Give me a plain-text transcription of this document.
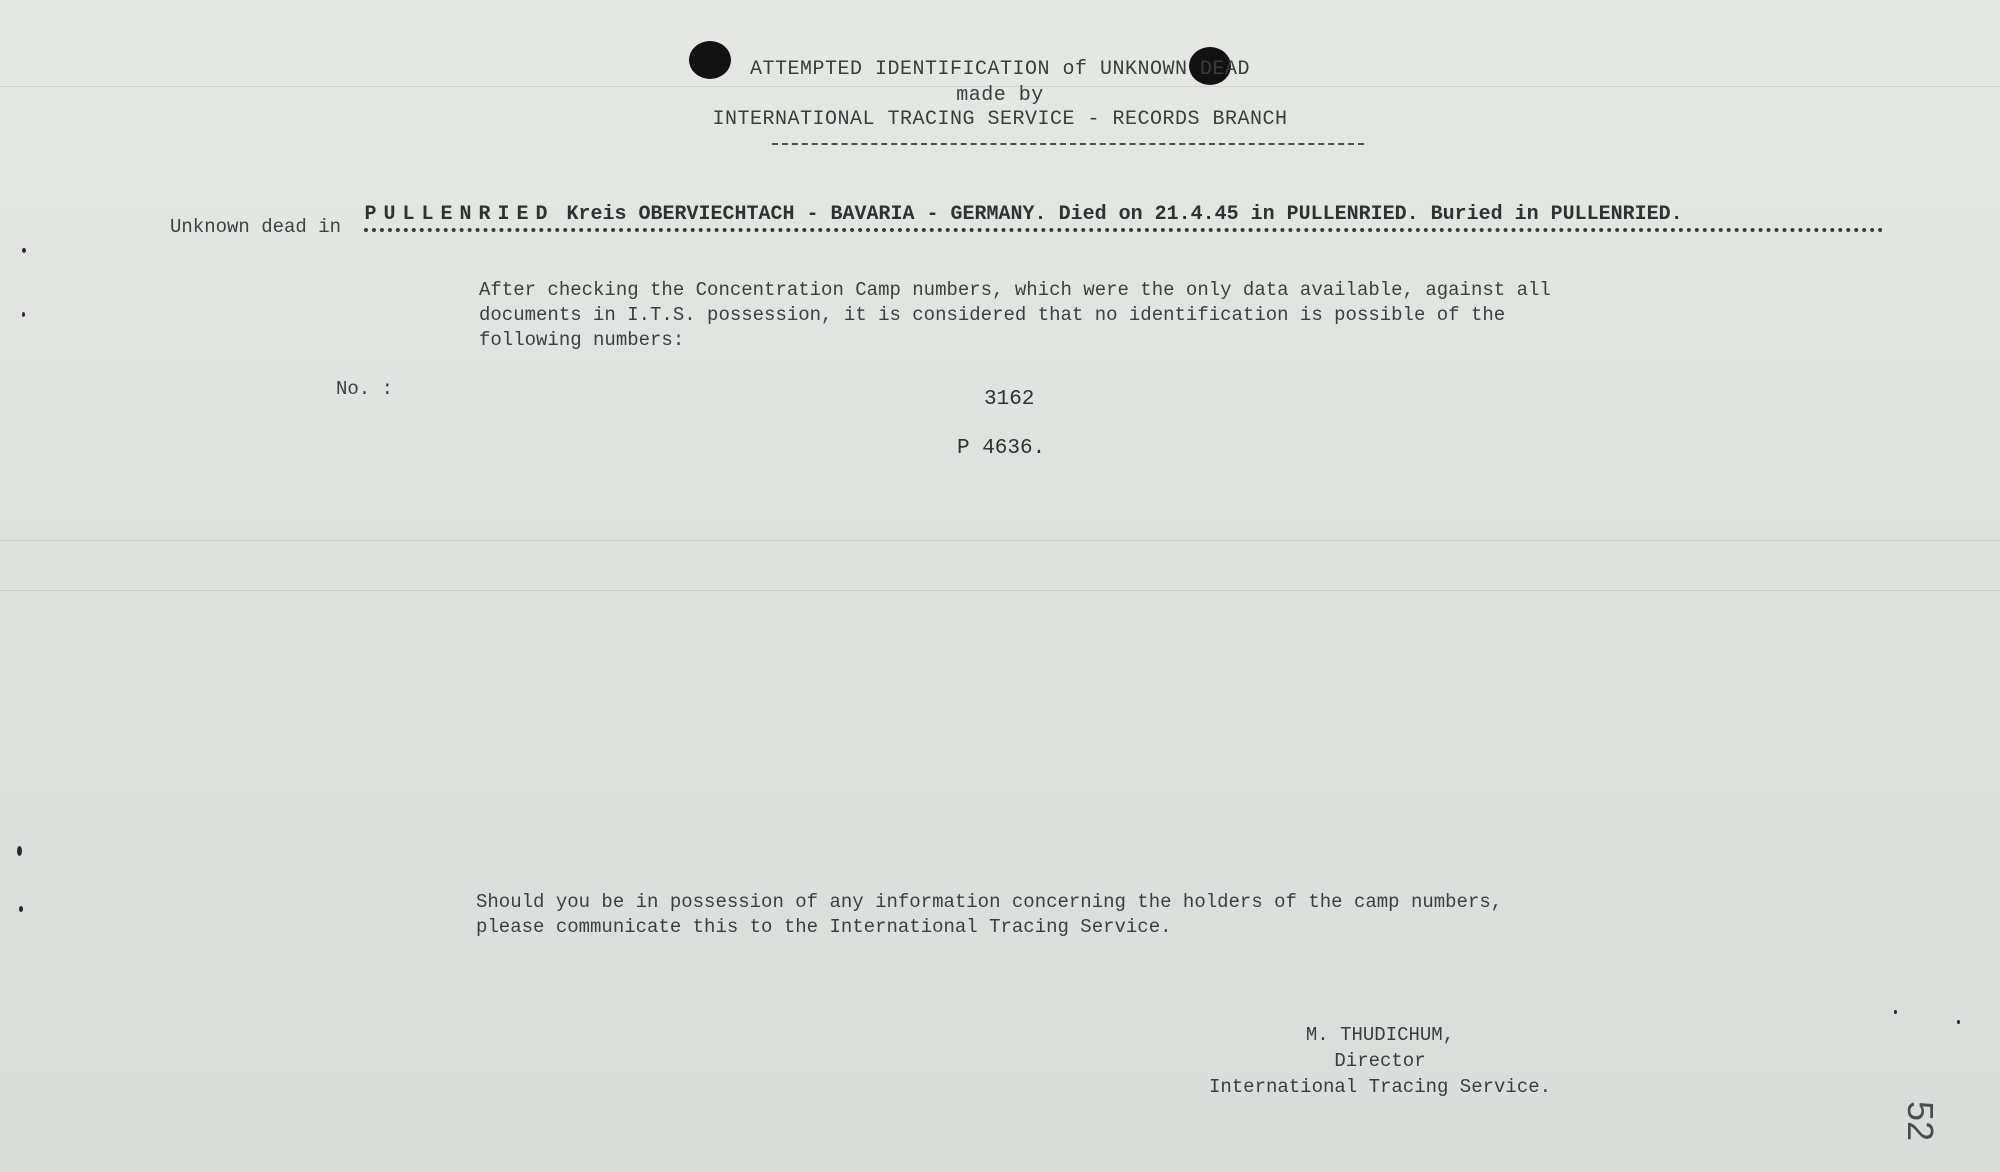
ATTEMPTED IDENTIFICATION of UNKNOWN DEAD
made by
INTERNATIONAL TRACING SERVICE - RECORDS BRANCH
Unknown dead in PULLENRIED Kreis OBERVIECHTACH - BAVARIA - GERMANY. Died on 21.4.45 in PULLENRIED. Buried in PULLENRIED.
After checking the Concentration Camp numbers, which were the only data available, against all
documents in I.T.S. possession, it is considered that no identification is possible of the
following numbers:
No. :	3162
P 4636.
Should you be in possession of any information concerning the holders of the camp numbers,
please communicate this to the International Tracing Service.
M. THUDICHUM,
Director
International Tracing Service.
52
